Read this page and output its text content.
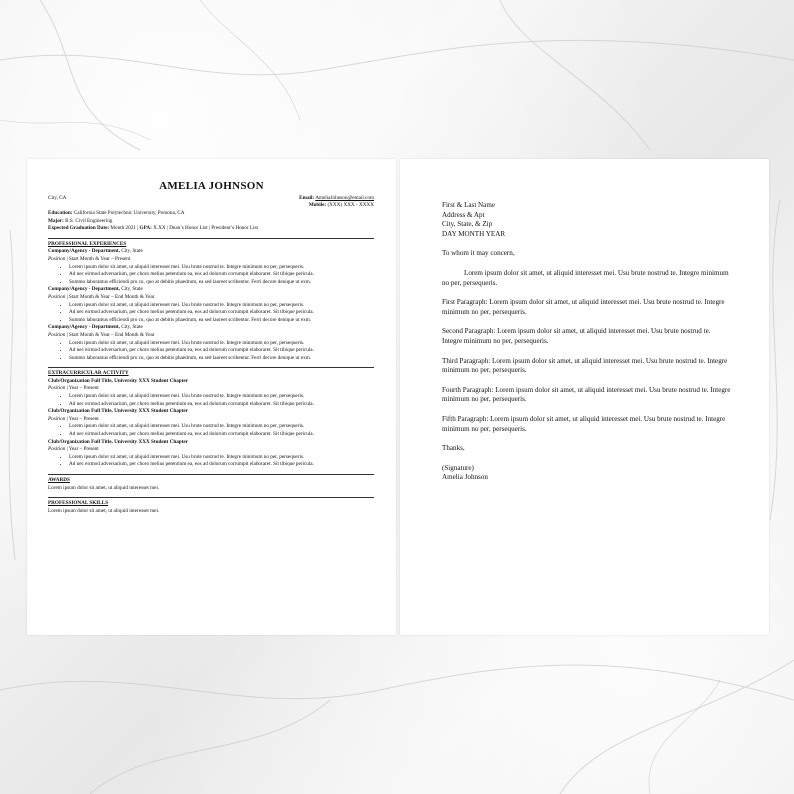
AMELIA JOHNSON
City, CA	Email: AmeliaJohnson@email.com
Mobile: (XXX) XXX - XXXX
Education: California State Polytechnic University, Pomona, CA
Major: B.S. Civil Engineering
Expected Graduation Date: Month 2021 | GPA: X.XX | Dean’s Honor List | President’s Honor List
PROFESSIONAL EXPERIENCES
Company/Agency - Department, City, State
Position | Start Month & Year – Present
• Lorem ipsum dolor sit amet, ut aliquid interesset mei. Usu brute nostrud te. Integre minimum no per, persequeris.
• Ad nec eirmod adversarium, per choro melius petentium ea, eos ad dolorum corrumpit elaboraret. Sit tibique pericula.
• Summo laboramus efficiendi pro cu, quo at debitis phaedrum, ea sed laoreet scribentur. Ferri decore denique ut exm.
Company/Agency - Department, City, State
Position | Start Month & Year – End Month & Year
• Lorem ipsum dolor sit amet, ut aliquid interesset mei. Usu brute nostrud te. Integre minimum no per, persequeris.
• Ad nec eirmod adversarium, per choro melius petentium ea, eos ad dolorum corrumpit elaboraret. Sit tibique pericula.
• Summo laboramus efficiendi pro cu, quo at debitis phaedrum, ea sed laoreet scribentur. Ferri decore denique ut exm.
Company/Agency - Department, City, State
Position | Start Month & Year – End Month & Year
• Lorem ipsum dolor sit amet, ut aliquid interesset mei. Usu brute nostrud te. Integre minimum no per, persequeris.
• Ad nec eirmod adversarium, per choro melius petentium ea, eos ad dolorum corrumpit elaboraret. Sit tibique pericula.
• Summo laboramus efficiendi pro cu, quo at debitis phaedrum, ea sed laoreet scribentur. Ferri decore denique ut exm.
EXTRACURRICULAR ACTIVITY
Club/Organization Full Title, University XXX Student Chapter
Position | Year – Present
• Lorem ipsum dolor sit amet, ut aliquid interesset mei. Usu brute nostrud te. Integre minimum no per, persequeris.
• Ad nec eirmod adversarium, per choro melius petentium ea, eos ad dolorum corrumpit elaboraret. Sit tibique pericula.
Club/Organization Full Title, University XXX Student Chapter
Position | Year – Present
• Lorem ipsum dolor sit amet, ut aliquid interesset mei. Usu brute nostrud te. Integre minimum no per, persequeris.
• Ad nec eirmod adversarium, per choro melius petentium ea, eos ad dolorum corrumpit elaboraret. Sit tibique pericula.
Club/Organization Full Title, University XXX Student Chapter
Position | Year – Present
• Lorem ipsum dolor sit amet, ut aliquid interesset mei. Usu brute nostrud te. Integre minimum no per, persequeris.
• Ad nec eirmod adversarium, per choro melius petentium ea, eos ad dolorum corrumpit elaboraret. Sit tibique pericula.
AWARDS
Lorem ipsum dolor sit amet, ut aliquid interesset mei.
PROFESSIONAL SKILLS
Lorem ipsum dolor sit amet, ut aliquid interesset mei.

First & Last Name

Address & Apt

City, State, & Zip

DAY MONTH YEAR

To whom it may concern,

Lorem ipsum dolor sit amet, ut aliquid interesset mei. Usu brute nostrud te. Integre minimum no per, persequeris.

First Paragraph: Lorem ipsum dolor sit amet, ut aliquid interesset mei. Usu brute nostrud te. Integre minimum no per, persequeris.

Second Paragraph: Lorem ipsum dolor sit amet, ut aliquid interesset mei. Usu brute nostrud te. Integre minimum no per, persequeris.

Third Paragraph: Lorem ipsum dolor sit amet, ut aliquid interesset mei. Usu brute nostrud te. Integre minimum no per, persequeris.

Fourth Paragraph: Lorem ipsum dolor sit amet, ut aliquid interesset mei. Usu brute nostrud te. Integre minimum no per, persequeris.

Fifth Paragraph: Lorem ipsum dolor sit amet, ut aliquid interesset mei. Usu brute nostrud te. Integre minimum no per, persequeris.

Thanks,

(Signature)

Amelia Johnson
